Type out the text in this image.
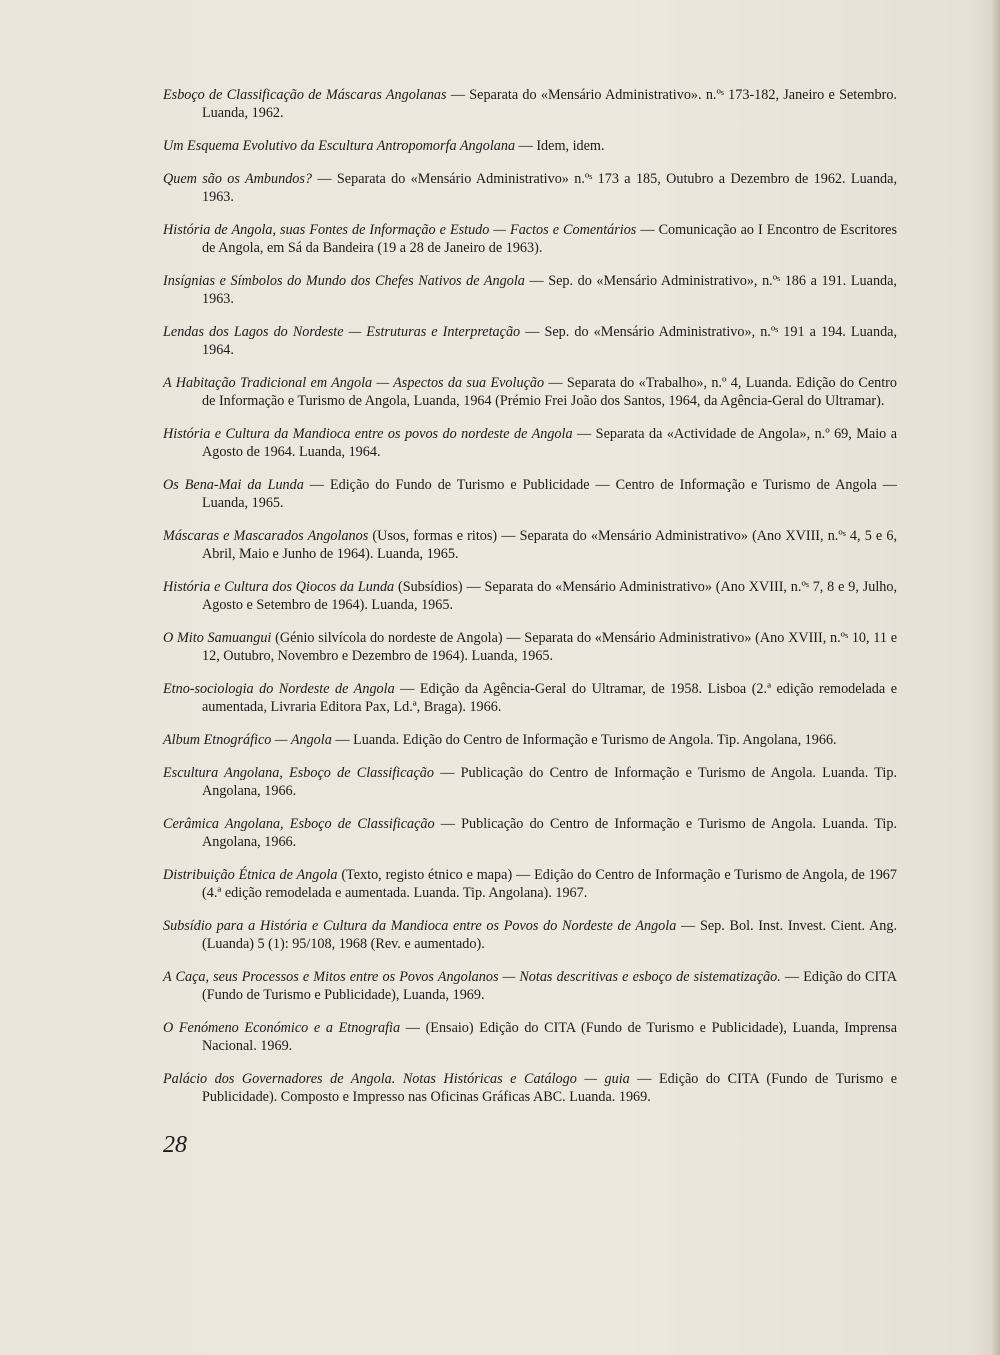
Esboço de Classificação de Máscaras Angolanas — Separata do «Mensário Administrativo». n.ºˢ 173-182, Janeiro e Setembro. Luanda, 1962.

Um Esquema Evolutivo da Escultura Antropomorfa Angolana — Idem, idem.

Quem são os Ambundos? — Separata do «Mensário Administrativo» n.ºˢ 173 a 185, Outubro a Dezembro de 1962. Luanda, 1963.

História de Angola, suas Fontes de Informação e Estudo — Factos e Comentários — Comunicação ao I Encontro de Escritores de Angola, em Sá da Bandeira (19 a 28 de Janeiro de 1963).

Insígnias e Símbolos do Mundo dos Chefes Nativos de Angola — Sep. do «Mensário Administrativo», n.ºˢ 186 a 191. Luanda, 1963.

Lendas dos Lagos do Nordeste — Estruturas e Interpretação — Sep. do «Mensário Administrativo», n.ºˢ 191 a 194. Luanda, 1964.

A Habitação Tradicional em Angola — Aspectos da sua Evolução — Separata do «Trabalho», n.º 4, Luanda. Edição do Centro de Informação e Turismo de Angola, Luanda, 1964 (Prémio Frei João dos Santos, 1964, da Agência-Geral do Ultramar).

História e Cultura da Mandioca entre os povos do nordeste de Angola — Separata da «Actividade de Angola», n.º 69, Maio a Agosto de 1964. Luanda, 1964.

Os Bena-Mai da Lunda — Edição do Fundo de Turismo e Publicidade — Centro de Informação e Turismo de Angola — Luanda, 1965.

Máscaras e Mascarados Angolanos (Usos, formas e ritos) — Separata do «Mensário Administrativo» (Ano XVIII, n.ºˢ 4, 5 e 6, Abril, Maio e Junho de 1964). Luanda, 1965.

História e Cultura dos Qiocos da Lunda (Subsídios) — Separata do «Mensário Administrativo» (Ano XVIII, n.ºˢ 7, 8 e 9, Julho, Agosto e Setembro de 1964). Luanda, 1965.

O Mito Samuangui (Génio silvícola do nordeste de Angola) — Separata do «Mensário Administrativo» (Ano XVIII, n.ºˢ 10, 11 e 12, Outubro, Novembro e Dezembro de 1964). Luanda, 1965.

Etno-sociologia do Nordeste de Angola — Edição da Agência-Geral do Ultramar, de 1958. Lisboa (2.ª edição remodelada e aumentada, Livraria Editora Pax, Ld.ª, Braga). 1966.

Album Etnográfico — Angola — Luanda. Edição do Centro de Informação e Turismo de Angola. Tip. Angolana, 1966.

Escultura Angolana, Esboço de Classificação — Publicação do Centro de Informação e Turismo de Angola. Luanda. Tip. Angolana, 1966.

Cerâmica Angolana, Esboço de Classificação — Publicação do Centro de Informação e Turismo de Angola. Luanda. Tip. Angolana, 1966.

Distribuição Étnica de Angola (Texto, registo étnico e mapa) — Edição do Centro de Informação e Turismo de Angola, de 1967 (4.ª edição remodelada e aumentada. Luanda. Tip. Angolana). 1967.

Subsídio para a História e Cultura da Mandioca entre os Povos do Nordeste de Angola — Sep. Bol. Inst. Invest. Cient. Ang. (Luanda) 5 (1): 95/108, 1968 (Rev. e aumentado).

A Caça, seus Processos e Mitos entre os Povos Angolanos — Notas descritivas e esboço de sistematização. — Edição do CITA (Fundo de Turismo e Publicidade), Luanda, 1969.

O Fenómeno Económico e a Etnografia — (Ensaio) Edição do CITA (Fundo de Turismo e Publicidade), Luanda, Imprensa Nacional. 1969.

Palácio dos Governadores de Angola. Notas Históricas e Catálogo — guia — Edição do CITA (Fundo de Turismo e Publicidade). Composto e Impresso nas Oficinas Gráficas ABC. Luanda. 1969.

28
